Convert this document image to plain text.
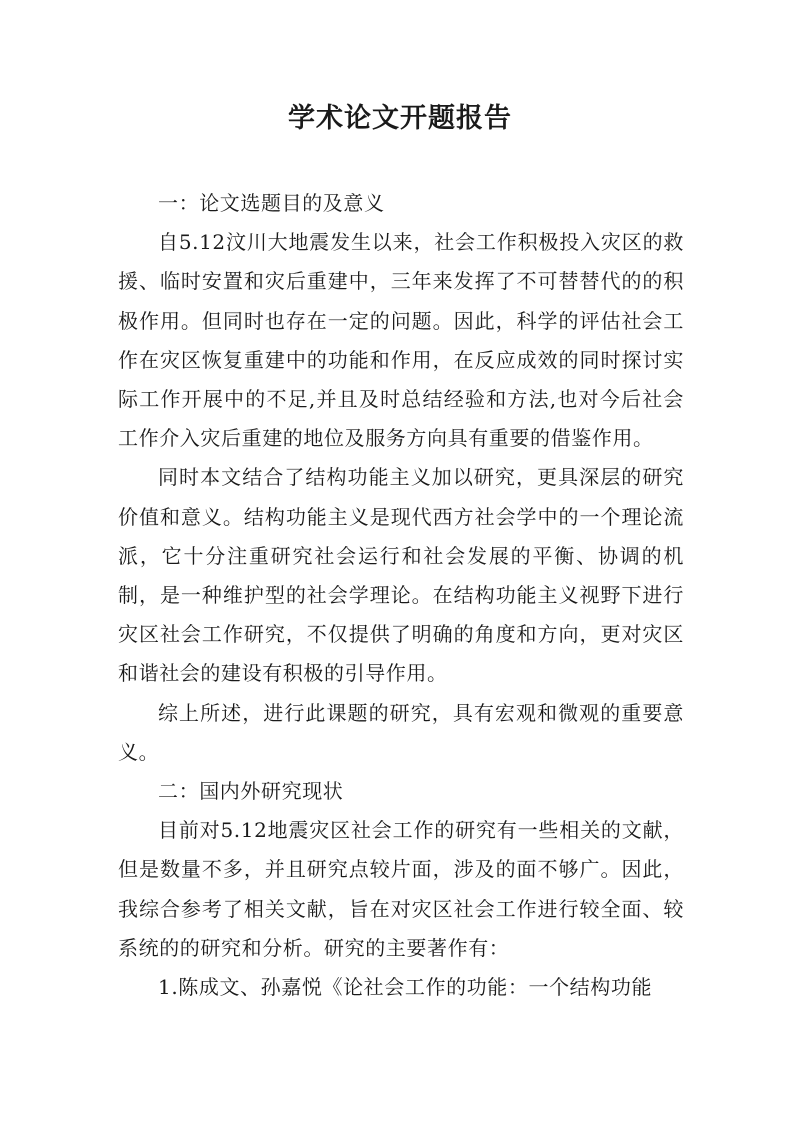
学术论文开题报告

一：论文选题目的及意义

自5.12汶川大地震发生以来，社会工作积极投入灾区的救援、临时安置和灾后重建中，三年来发挥了不可替替代的的积极作用。但同时也存在一定的问题。因此，科学的评估社会工作在灾区恢复重建中的功能和作用，在反应成效的同时探讨实际工作开展中的不足,并且及时总结经验和方法,也对今后社会工作介入灾后重建的地位及服务方向具有重要的借鉴作用。

同时本文结合了结构功能主义加以研究，更具深层的研究价值和意义。结构功能主义是现代西方社会学中的一个理论流派，它十分注重研究社会运行和社会发展的平衡、协调的机制，是一种维护型的社会学理论。在结构功能主义视野下进行灾区社会工作研究，不仅提供了明确的角度和方向，更对灾区和谐社会的建设有积极的引导作用。

综上所述，进行此课题的研究，具有宏观和微观的重要意义。

二：国内外研究现状

目前对5.12地震灾区社会工作的研究有一些相关的文献，但是数量不多，并且研究点较片面，涉及的面不够广。因此，我综合参考了相关文献，旨在对灾区社会工作进行较全面、较系统的的研究和分析。研究的主要著作有：

1.陈成文、孙嘉悦《论社会工作的功能：一个结构功能
